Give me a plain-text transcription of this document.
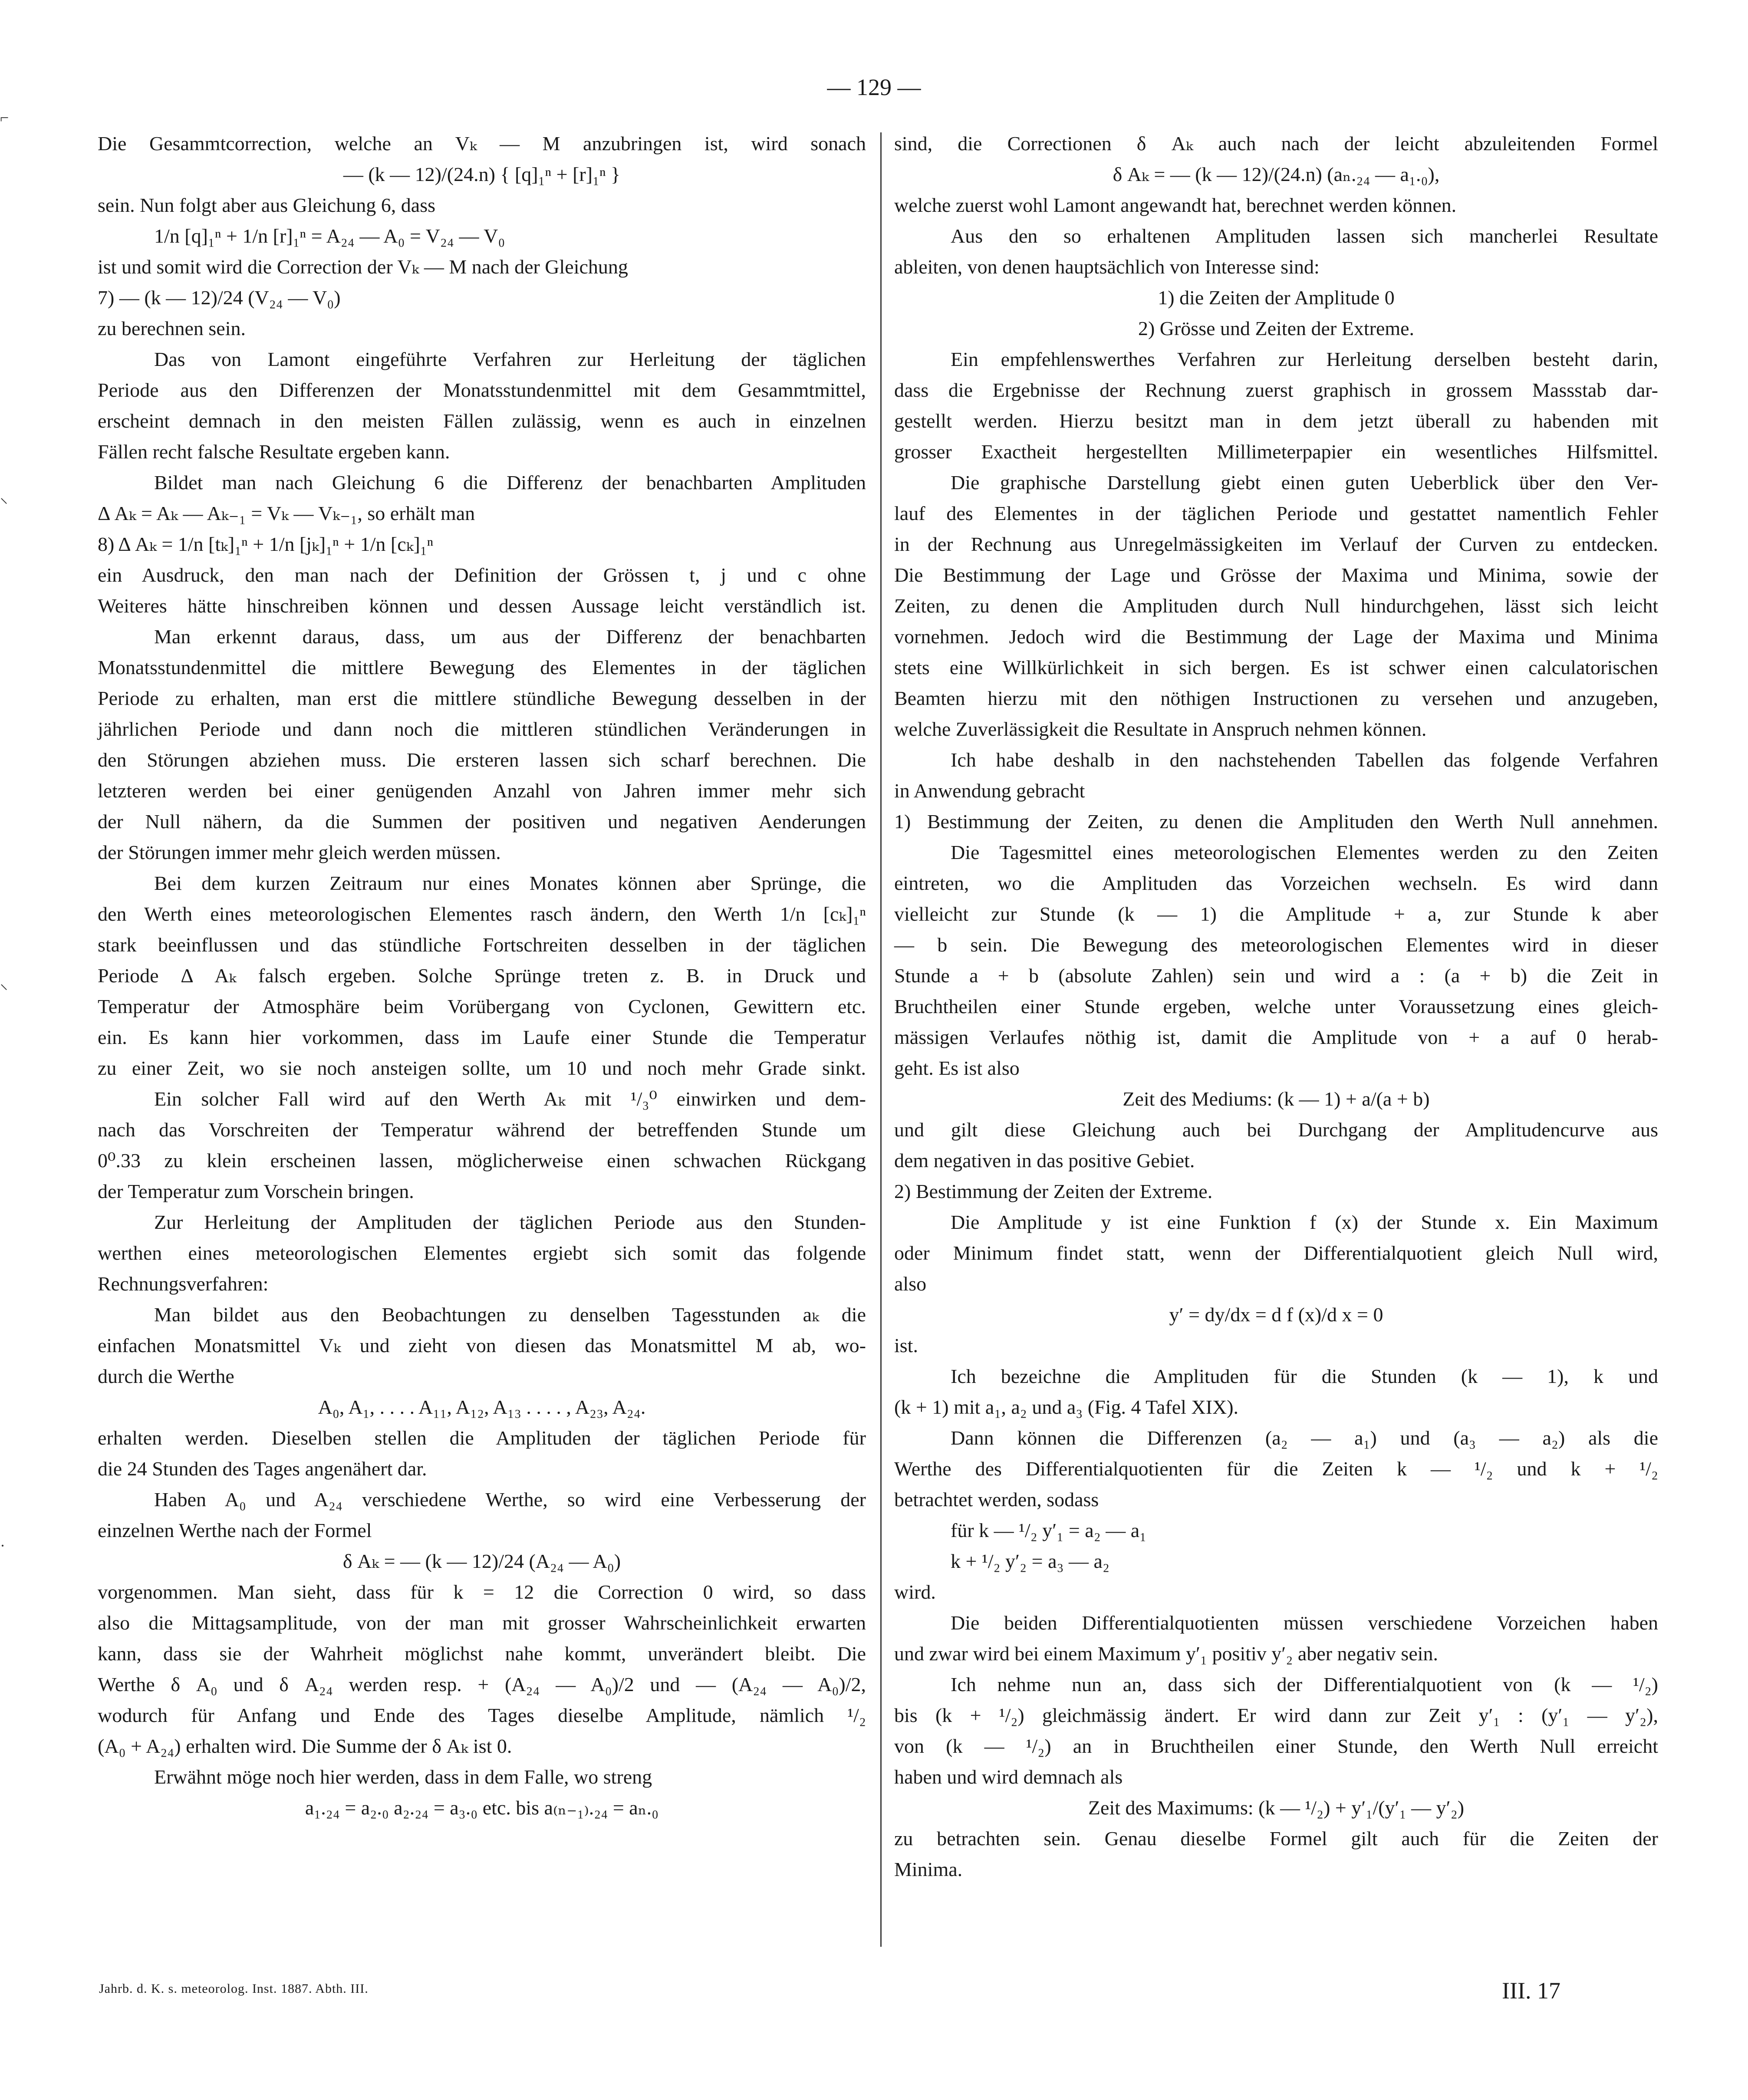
— 129 —
Die Gesammtcorrection, welche an Vₖ — M anzubringen ist, wird sonach
— (k — 12)/(24.n) { [q]₁ⁿ + [r]₁ⁿ }
sein. Nun folgt aber aus Gleichung 6, dass
1/n [q]₁ⁿ + 1/n [r]₁ⁿ = A₂₄ — A₀ = V₂₄ — V₀
ist und somit wird die Correction der Vₖ — M nach der Gleichung
7) — (k — 12)/24 (V₂₄ — V₀)
zu berechnen sein.
Das von Lamont eingeführte Verfahren zur Herleitung der täglichen
Periode aus den Differenzen der Monatsstundenmittel mit dem Gesammtmittel,
erscheint demnach in den meisten Fällen zulässig, wenn es auch in einzelnen
Fällen recht falsche Resultate ergeben kann.
Bildet man nach Gleichung 6 die Differenz der benachbarten Amplituden
Δ Aₖ = Aₖ — Aₖ₋₁ = Vₖ — Vₖ₋₁, so erhält man
8) Δ Aₖ = 1/n [tₖ]₁ⁿ + 1/n [jₖ]₁ⁿ + 1/n [cₖ]₁ⁿ
ein Ausdruck, den man nach der Definition der Grössen t, j und c ohne
Weiteres hätte hinschreiben können und dessen Aussage leicht verständlich ist.
Man erkennt daraus, dass, um aus der Differenz der benachbarten
Monatsstundenmittel die mittlere Bewegung des Elementes in der täglichen
Periode zu erhalten, man erst die mittlere stündliche Bewegung desselben in der
jährlichen Periode und dann noch die mittleren stündlichen Veränderungen in
den Störungen abziehen muss. Die ersteren lassen sich scharf berechnen. Die
letzteren werden bei einer genügenden Anzahl von Jahren immer mehr sich
der Null nähern, da die Summen der positiven und negativen Aenderungen
der Störungen immer mehr gleich werden müssen.
Bei dem kurzen Zeitraum nur eines Monates können aber Sprünge, die
den Werth eines meteorologischen Elementes rasch ändern, den Werth 1/n [cₖ]₁ⁿ
stark beeinflussen und das stündliche Fortschreiten desselben in der täglichen
Periode Δ Aₖ falsch ergeben. Solche Sprünge treten z. B. in Druck und
Temperatur der Atmosphäre beim Vorübergang von Cyclonen, Gewittern etc.
ein. Es kann hier vorkommen, dass im Laufe einer Stunde die Temperatur
zu einer Zeit, wo sie noch ansteigen sollte, um 10 und noch mehr Grade sinkt.
Ein solcher Fall wird auf den Werth Aₖ mit ¹/₃⁰ einwirken und dem-
nach das Vorschreiten der Temperatur während der betreffenden Stunde um
0⁰.33 zu klein erscheinen lassen, möglicherweise einen schwachen Rückgang
der Temperatur zum Vorschein bringen.
Zur Herleitung der Amplituden der täglichen Periode aus den Stunden-
werthen eines meteorologischen Elementes ergiebt sich somit das folgende
Rechnungsverfahren:
Man bildet aus den Beobachtungen zu denselben Tagesstunden aₖ die
einfachen Monatsmittel Vₖ und zieht von diesen das Monatsmittel M ab, wo-
durch die Werthe
A₀, A₁, . . . . A₁₁, A₁₂, A₁₃ . . . . , A₂₃, A₂₄.
erhalten werden. Dieselben stellen die Amplituden der täglichen Periode für
die 24 Stunden des Tages angenähert dar.
Haben A₀ und A₂₄ verschiedene Werthe, so wird eine Verbesserung der
einzelnen Werthe nach der Formel
δ Aₖ = — (k — 12)/24 (A₂₄ — A₀)
vorgenommen. Man sieht, dass für k = 12 die Correction 0 wird, so dass
also die Mittagsamplitude, von der man mit grosser Wahrscheinlichkeit erwarten
kann, dass sie der Wahrheit möglichst nahe kommt, unverändert bleibt. Die
Werthe δ A₀ und δ A₂₄ werden resp. + (A₂₄ — A₀)/2 und — (A₂₄ — A₀)/2,
wodurch für Anfang und Ende des Tages dieselbe Amplitude, nämlich ¹/₂
(A₀ + A₂₄) erhalten wird. Die Summe der δ Aₖ ist 0.
Erwähnt möge noch hier werden, dass in dem Falle, wo streng
a₁.₂₄ = a₂.₀ a₂.₂₄ = a₃.₀ etc. bis a₍ₙ₋₁₎.₂₄ = aₙ.₀
sind, die Correctionen δ Aₖ auch nach der leicht abzuleitenden Formel
δ Aₖ = — (k — 12)/(24.n) (aₙ.₂₄ — a₁.₀),
welche zuerst wohl Lamont angewandt hat, berechnet werden können.
Aus den so erhaltenen Amplituden lassen sich mancherlei Resultate
ableiten, von denen hauptsächlich von Interesse sind:
1) die Zeiten der Amplitude 0
2) Grösse und Zeiten der Extreme.
Ein empfehlenswerthes Verfahren zur Herleitung derselben besteht darin,
dass die Ergebnisse der Rechnung zuerst graphisch in grossem Massstab dar-
gestellt werden. Hierzu besitzt man in dem jetzt überall zu habenden mit
grosser Exactheit hergestellten Millimeterpapier ein wesentliches Hilfsmittel.
Die graphische Darstellung giebt einen guten Ueberblick über den Ver-
lauf des Elementes in der täglichen Periode und gestattet namentlich Fehler
in der Rechnung aus Unregelmässigkeiten im Verlauf der Curven zu entdecken.
Die Bestimmung der Lage und Grösse der Maxima und Minima, sowie der
Zeiten, zu denen die Amplituden durch Null hindurchgehen, lässt sich leicht
vornehmen. Jedoch wird die Bestimmung der Lage der Maxima und Minima
stets eine Willkürlichkeit in sich bergen. Es ist schwer einen calculatorischen
Beamten hierzu mit den nöthigen Instructionen zu versehen und anzugeben,
welche Zuverlässigkeit die Resultate in Anspruch nehmen können.
Ich habe deshalb in den nachstehenden Tabellen das folgende Verfahren
in Anwendung gebracht
1) Bestimmung der Zeiten, zu denen die Amplituden den Werth Null annehmen.
Die Tagesmittel eines meteorologischen Elementes werden zu den Zeiten
eintreten, wo die Amplituden das Vorzeichen wechseln. Es wird dann
vielleicht zur Stunde (k — 1) die Amplitude + a, zur Stunde k aber
— b sein. Die Bewegung des meteorologischen Elementes wird in dieser
Stunde a + b (absolute Zahlen) sein und wird a : (a + b) die Zeit in
Bruchtheilen einer Stunde ergeben, welche unter Voraussetzung eines gleich-
mässigen Verlaufes nöthig ist, damit die Amplitude von + a auf 0 herab-
geht. Es ist also
Zeit des Mediums: (k — 1) + a/(a + b)
und gilt diese Gleichung auch bei Durchgang der Amplitudencurve aus
dem negativen in das positive Gebiet.
2) Bestimmung der Zeiten der Extreme.
Die Amplitude y ist eine Funktion f (x) der Stunde x. Ein Maximum
oder Minimum findet statt, wenn der Differentialquotient gleich Null wird,
also
y′ = dy/dx = d f (x)/d x = 0
ist.
Ich bezeichne die Amplituden für die Stunden (k — 1), k und
(k + 1) mit a₁, a₂ und a₃ (Fig. 4 Tafel XIX).
Dann können die Differenzen (a₂ — a₁) und (a₃ — a₂) als die
Werthe des Differentialquotienten für die Zeiten k — ¹/₂ und k + ¹/₂
betrachtet werden, sodass
für k — ¹/₂ y′₁ = a₂ — a₁
k + ¹/₂ y′₂ = a₃ — a₂
wird.
Die beiden Differentialquotienten müssen verschiedene Vorzeichen haben
und zwar wird bei einem Maximum y′₁ positiv y′₂ aber negativ sein.
Ich nehme nun an, dass sich der Differentialquotient von (k — ¹/₂)
bis (k + ¹/₂) gleichmässig ändert. Er wird dann zur Zeit y′₁ : (y′₁ — y′₂),
von (k — ¹/₂) an in Bruchtheilen einer Stunde, den Werth Null erreicht
haben und wird demnach als
Zeit des Maximums: (k — ¹/₂) + y′₁/(y′₁ — y′₂)
zu betrachten sein. Genau dieselbe Formel gilt auch für die Zeiten der
Minima.
Jahrb. d. K. s. meteorolog. Inst. 1887. Abth. III.	III. 17
⌐
⸜
⸜
·
